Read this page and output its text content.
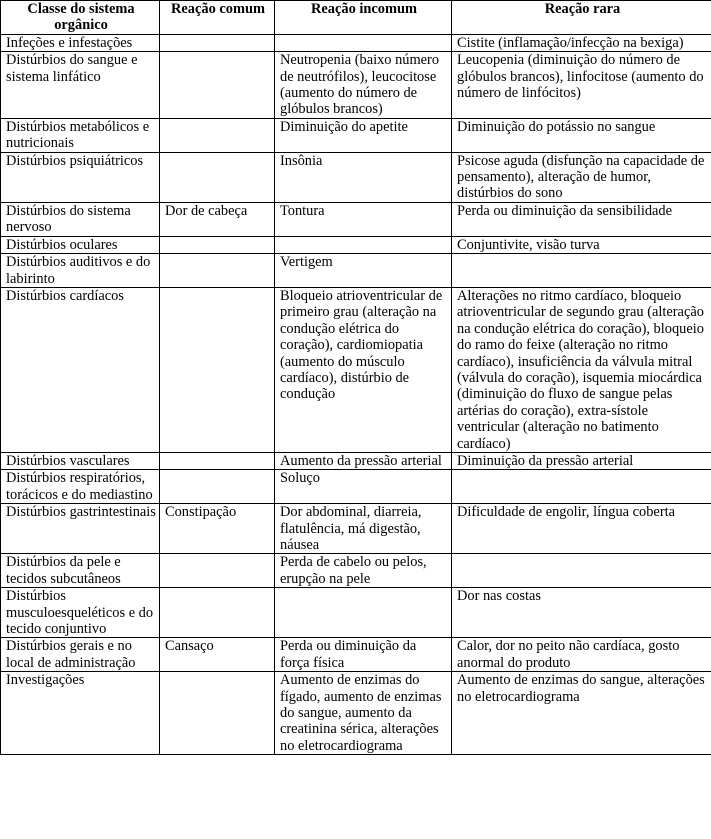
Classe do sistema orgânico	Reação comum	Reação incomum	Reação rara
Infeções e infestações			Cistite (inflamação/infecção na bexiga)
Distúrbios do sangue e sistema linfático		Neutropenia (baixo número de neutrófilos), leucocitose (aumento do número de glóbulos brancos)	Leucopenia (diminuição do número de glóbulos brancos), linfocitose (aumento do número de linfócitos)
Distúrbios metabólicos e nutricionais		Diminuição do apetite	Diminuição do potássio no sangue
Distúrbios psiquiátricos		Insônia	Psicose aguda (disfunção na capacidade de pensamento), alteração de humor, distúrbios do sono
Distúrbios do sistema nervoso	Dor de cabeça	Tontura	Perda ou diminuição da sensibilidade
Distúrbios oculares			Conjuntivite, visão turva
Distúrbios auditivos e do labirinto		Vertigem	
Distúrbios cardíacos		Bloqueio atrioventricular de primeiro grau (alteração na condução elétrica do coração), cardiomiopatia (aumento do músculo cardíaco), distúrbio de condução	Alterações no ritmo cardíaco, bloqueio atrioventricular de segundo grau (alteração na condução elétrica do coração), bloqueio do ramo do feixe (alteração no ritmo cardíaco), insuficiência da válvula mitral (válvula do coração), isquemia miocárdica (diminuição do fluxo de sangue pelas artérias do coração), extra-sístole ventricular (alteração no batimento cardíaco)
Distúrbios vasculares		Aumento da pressão arterial	Diminuição da pressão arterial
Distúrbios respiratórios, torácicos e do mediastino		Soluço	
Distúrbios gastrintestinais	Constipação	Dor abdominal, diarreia, flatulência, má digestão, náusea	Dificuldade de engolir, língua coberta
Distúrbios da pele e tecidos subcutâneos		Perda de cabelo ou pelos, erupção na pele	
Distúrbios musculoesqueléticos e do tecido conjuntivo			Dor nas costas
Distúrbios gerais e no local de administração	Cansaço	Perda ou diminuição da força física	Calor, dor no peito não cardíaca, gosto anormal do produto
Investigações		Aumento de enzimas do fígado, aumento de enzimas do sangue, aumento da creatinina sérica, alterações no eletrocardiograma	Aumento de enzimas do sangue, alterações no eletrocardiograma
